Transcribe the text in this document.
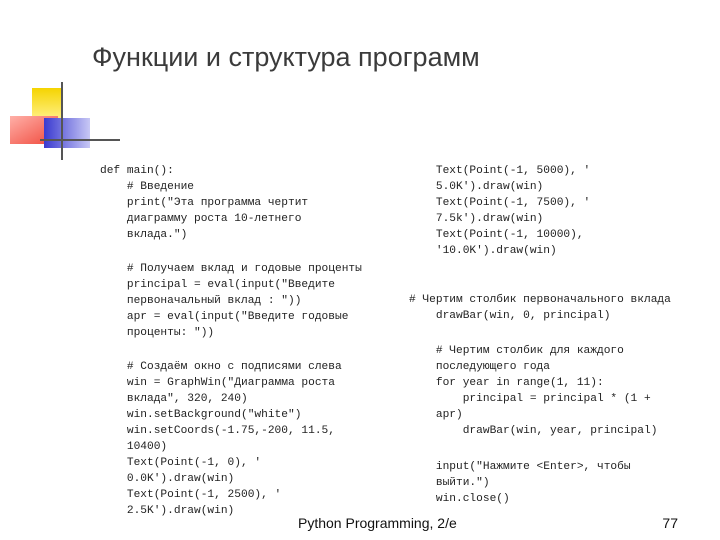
Функции и структура программ
def main():
# Введение
print("Эта программа чертит
диаграмму роста 10-летнего
вклада.")
# Получаем вклад и годовые проценты
principal = eval(input("Введите
первоначальный вклад : "))
apr = eval(input("Введите годовые
проценты: "))
# Создаём окно с подписями слева
win = GraphWin("Диаграмма роста
вклада", 320, 240)
win.setBackground("white")
win.setCoords(-1.75,-200, 11.5,
10400)
Text(Point(-1, 0), '
0.0K').draw(win)
Text(Point(-1, 2500), '
2.5K').draw(win)
Text(Point(-1, 5000), '
5.0K').draw(win)
Text(Point(-1, 7500), '
7.5k').draw(win)
Text(Point(-1, 10000),
'10.0K').draw(win)
# Чертим столбик первоначального вклада
drawBar(win, 0, principal)
# Чертим столбик для каждого
последующего года
for year in range(1, 11):
principal = principal * (1 +
apr)
drawBar(win, year, principal)
input("Нажмите <Enter>, чтобы
выйти.")
win.close()
Python Programming, 2/e	77
